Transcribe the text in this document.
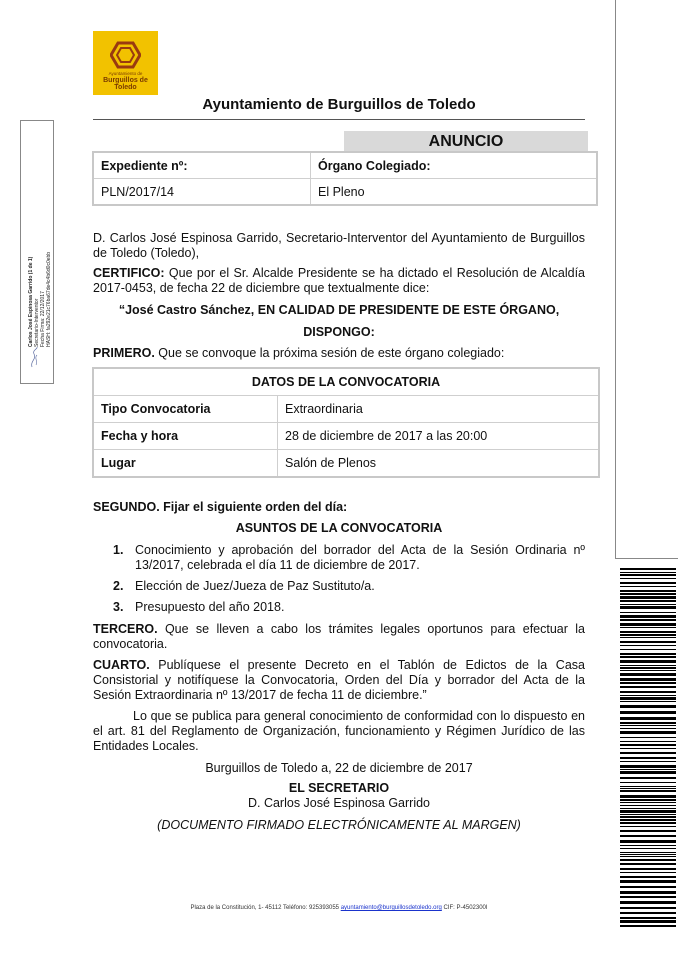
Ayuntamiento de
Burguillos de Toledo
Ayuntamiento de Burguillos de Toledo
ANUNCIO
Expediente nº:	Órgano Colegiado:
PLN/2017/14	El Pleno
D. Carlos José Espinosa Garrido, Secretario-Interventor del Ayuntamiento de Burguillos de Toledo (Toledo),
CERTIFICO: Que por el Sr. Alcalde Presidente se ha dictado el Resolución de Alcaldía 2017-0453, de fecha 22 de diciembre que textualmente dice:
“José Castro Sánchez, EN CALIDAD DE PRESIDENTE DE ESTE ÓRGANO,
DISPONGO:
PRIMERO. Que se convoque la próxima sesión de este órgano colegiado:
DATOS DE LA CONVOCATORIA	
Tipo Convocatoria	Extraordinaria
Fecha y hora	28 de diciembre de 2017 a las 20:00
Lugar	Salón de Plenos
SEGUNDO. Fijar el siguiente orden del día:
ASUNTOS DE LA CONVOCATORIA
1. Conocimiento y aprobación del borrador del Acta de la Sesión Ordinaria nº 13/2017, celebrada el día 11 de diciembre de 2017.
2. Elección de Juez/Jueza de Paz Sustituto/a.
3. Presupuesto del año 2018.
TERCERO. Que se lleven a cabo los trámites legales oportunos para efectuar la convocatoria.
CUARTO. Publíquese el presente Decreto en el Tablón de Edictos de la Casa Consistorial y notifíquese la Convocatoria, Orden del Día y borrador del Acta de la Sesión Extraordinaria nº 13/2017 de fecha 11 de diciembre.”
Lo que se publica para general conocimiento de conformidad con lo dispuesto en el art. 81 del Reglamento de Organización, funcionamiento y Régimen Jurídico de las Entidades Locales.
Burguillos de Toledo a, 22 de diciembre de 2017
EL SECRETARIO
D. Carlos José Espinosa Garrido
(DOCUMENTO FIRMADO ELECTRÓNICAMENTE AL MARGEN)
Carlos José Espinosa Garrido (1 de 1) Secretario-Interventor Fecha Firma: 22/12/2017 HASH: fa292e21c76ba67de4c4b6d0c0ebb
Plaza de la Constitución, 1- 45112 Teléfono: 925393055 ayuntamiento@burguillosdetoledo.org CIF: P-4502300I
